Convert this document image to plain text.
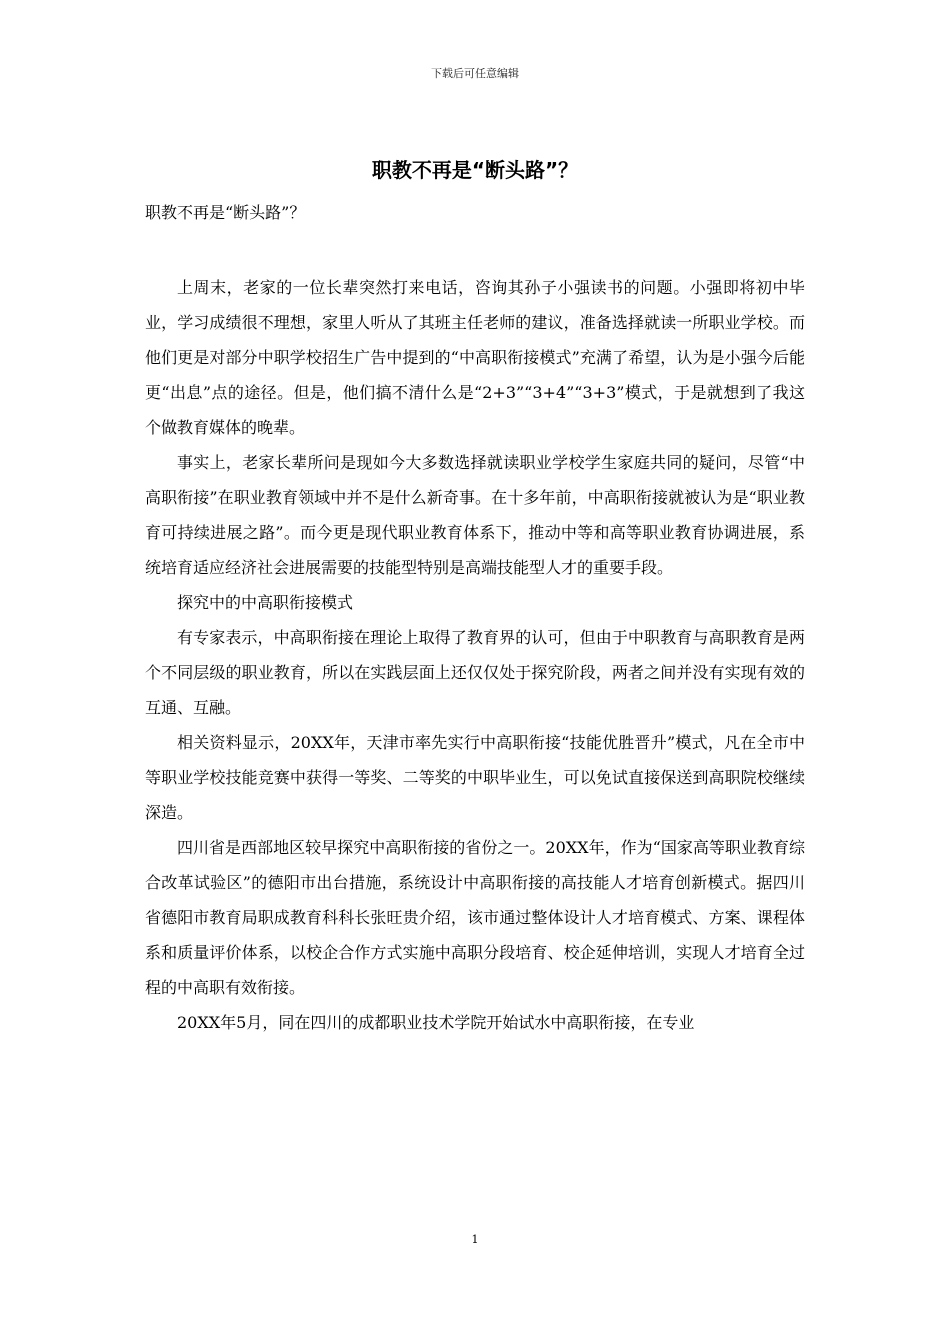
下载后可任意编辑
职教不再是“断头路”？
职教不再是“断头路”？

上周末，老家的一位长辈突然打来电话，咨询其孙子小强读书的问题。小强即将初中毕业，学习成绩很不理想，家里人听从了其班主任老师的建议，准备选择就读一所职业学校。而他们更是对部分中职学校招生广告中提到的“中高职衔接模式”充满了希望，认为是小强今后能更“出息”点的途径。但是，他们搞不清什么是“2+3”“3+4”“3+3”模式，于是就想到了我这个做教育媒体的晚辈。

事实上，老家长辈所问是现如今大多数选择就读职业学校学生家庭共同的疑问，尽管“中高职衔接”在职业教育领域中并不是什么新奇事。在十多年前，中高职衔接就被认为是“职业教育可持续进展之路”。而今更是现代职业教育体系下，推动中等和高等职业教育协调进展，系统培育适应经济社会进展需要的技能型特别是高端技能型人才的重要手段。

探究中的中高职衔接模式

有专家表示，中高职衔接在理论上取得了教育界的认可，但由于中职教育与高职教育是两个不同层级的职业教育，所以在实践层面上还仅仅处于探究阶段，两者之间并没有实现有效的互通、互融。

相关资料显示，20XX年，天津市率先实行中高职衔接“技能优胜晋升”模式，凡在全市中等职业学校技能竞赛中获得一等奖、二等奖的中职毕业生，可以免试直接保送到高职院校继续深造。

四川省是西部地区较早探究中高职衔接的省份之一。20XX年，作为“国家高等职业教育综合改革试验区”的德阳市出台措施，系统设计中高职衔接的高技能人才培育创新模式。据四川省德阳市教育局职成教育科科长张旺贵介绍，该市通过整体设计人才培育模式、方案、课程体系和质量评价体系，以校企合作方式实施中高职分段培育、校企延伸培训，实现人才培育全过程的中高职有效衔接。

20XX年5月，同在四川的成都职业技术学院开始试水中高职衔接，在专业

1
